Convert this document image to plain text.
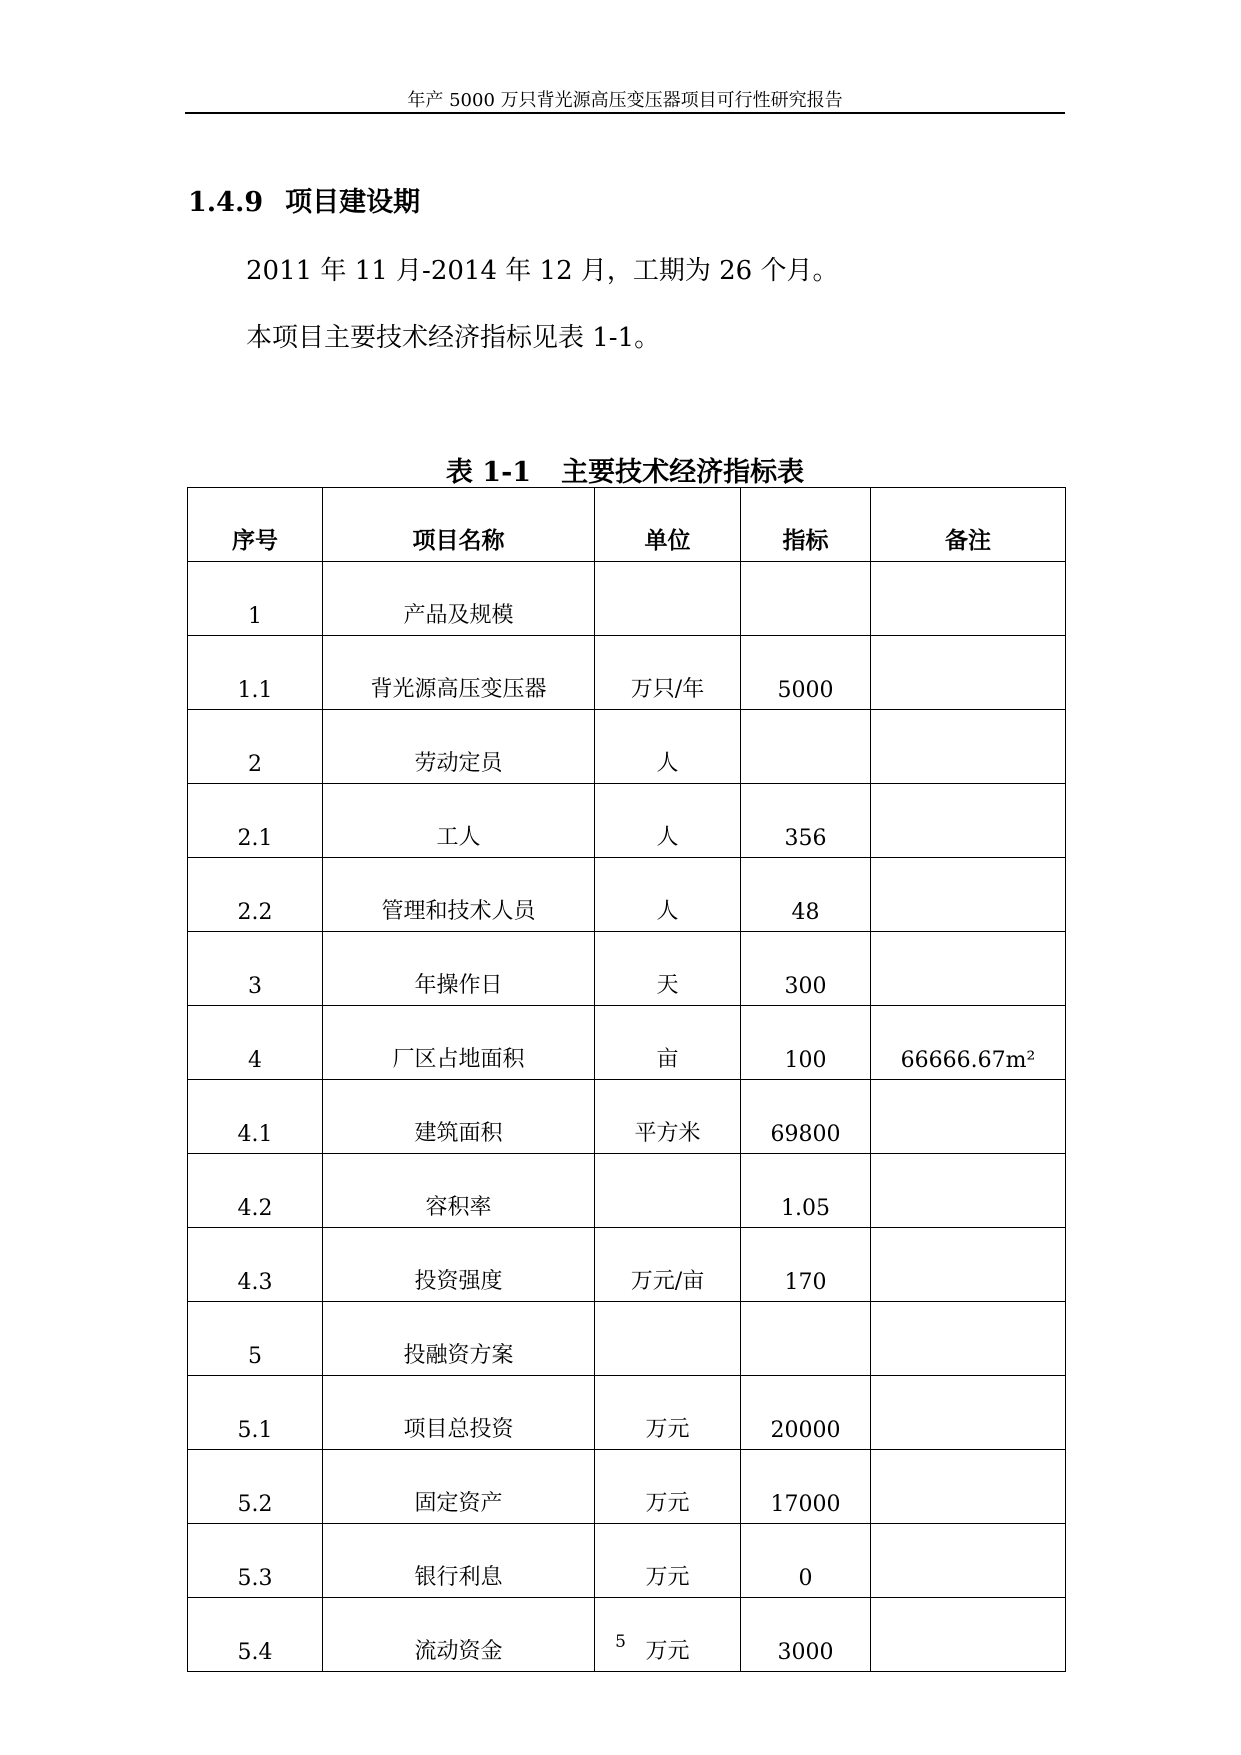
年产 5000 万只背光源高压变压器项目可行性研究报告
1.4.9 项目建设期
2011 年 11 月-2014 年 12 月，工期为 26 个月。
本项目主要技术经济指标见表 1-1。
表 1-1 主要技术经济指标表
序号	项目名称	单位	指标	备注
1	产品及规模			
1.1	背光源高压变压器	万只/年	5000	
2	劳动定员	人		
2.1	工人	人	356	
2.2	管理和技术人员	人	48	
3	年操作日	天	300	
4	厂区占地面积	亩	100	66666.67m²
4.1	建筑面积	平方米	69800	
4.2	容积率		1.05	
4.3	投资强度	万元/亩	170	
5	投融资方案			
5.1	项目总投资	万元	20000	
5.2	固定资产	万元	17000	
5.3	银行利息	万元	0	
5.4	流动资金	万元	3000	
5
